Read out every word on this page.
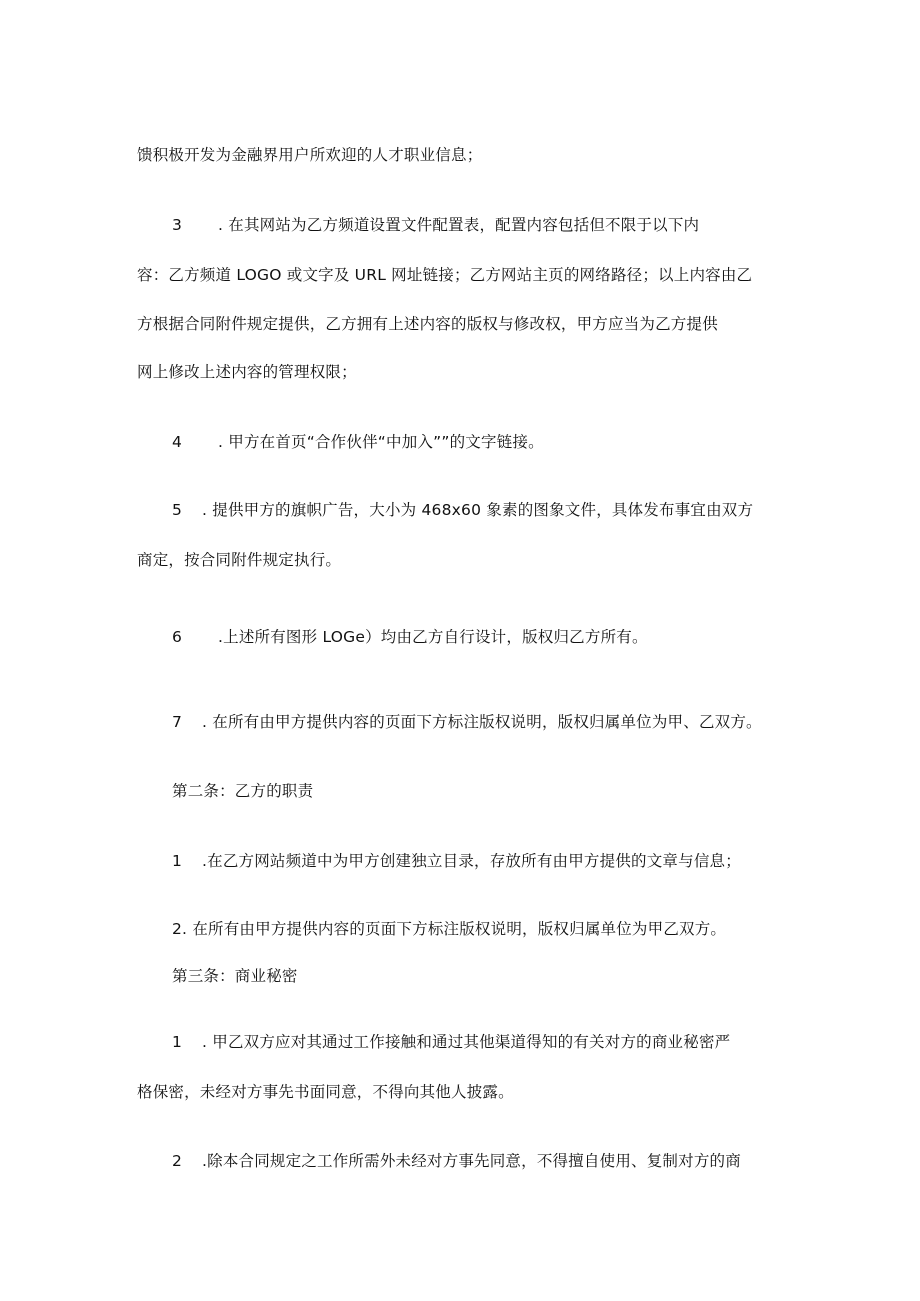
馈积极开发为金融界用户所欢迎的人才职业信息；
3 . 在其网站为乙方频道设置文件配置表，配置内容包括但不限于以下内
容：乙方频道 LOGO 或文字及 URL 网址链接；乙方网站主页的网络路径；以上内容由乙
方根据合同附件规定提供，乙方拥有上述内容的版权与修改权，甲方应当为乙方提供
网上修改上述内容的管理权限；
4 . 甲方在首页“合作伙伴“中加入””的文字链接。
5 . 提供甲方的旗帜广告，大小为 468x60 象素的图象文件，具体发布事宜由双方
商定，按合同附件规定执行。
6 .上述所有图形 LOGe）均由乙方自行设计，版权归乙方所有。
7 . 在所有由甲方提供内容的页面下方标注版权说明，版权归属单位为甲、乙双方。
第二条：乙方的职责
1 .在乙方网站频道中为甲方创建独立目录，存放所有由甲方提供的文章与信息；
2. 在所有由甲方提供内容的页面下方标注版权说明，版权归属单位为甲乙双方。
第三条：商业秘密
1 . 甲乙双方应对其通过工作接触和通过其他渠道得知的有关对方的商业秘密严
格保密，未经对方事先书面同意，不得向其他人披露。
2 .除本合同规定之工作所需外未经对方事先同意，不得擅自使用、复制对方的商
